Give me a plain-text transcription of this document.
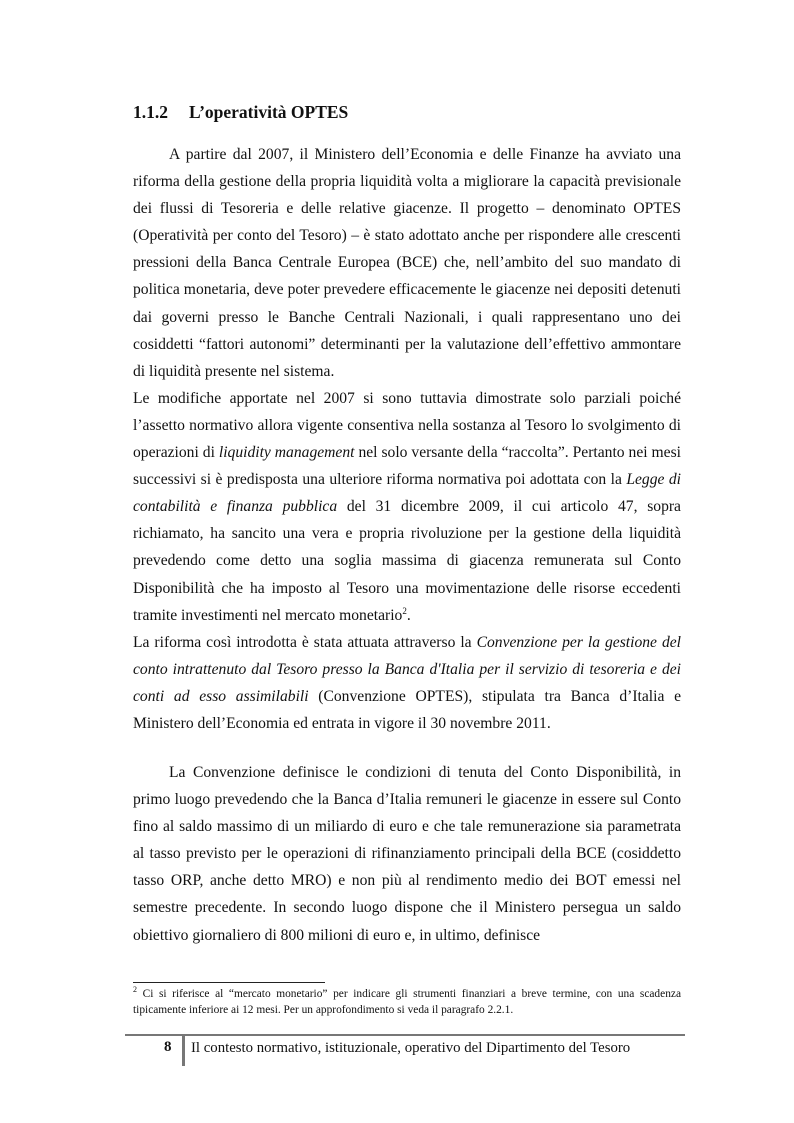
1.1.2 L’operatività OPTES

A partire dal 2007, il Ministero dell’Economia e delle Finanze ha avviato una riforma della gestione della propria liquidità volta a migliorare la capacità previsionale dei flussi di Tesoreria e delle relative giacenze. Il progetto – denominato OPTES (Operatività per conto del Tesoro) – è stato adottato anche per rispondere alle crescenti pressioni della Banca Centrale Europea (BCE) che, nell’ambito del suo mandato di politica monetaria, deve poter prevedere efficacemente le giacenze nei depositi detenuti dai governi presso le Banche Centrali Nazionali, i quali rappresentano uno dei cosiddetti “fattori autonomi” determinanti per la valutazione dell’effettivo ammontare di liquidità presente nel sistema.

Le modifiche apportate nel 2007 si sono tuttavia dimostrate solo parziali poiché l’assetto normativo allora vigente consentiva nella sostanza al Tesoro lo svolgimento di operazioni di liquidity management nel solo versante della “raccolta”. Pertanto nei mesi successivi si è predisposta una ulteriore riforma normativa poi adottata con la Legge di contabilità e finanza pubblica del 31 dicembre 2009, il cui articolo 47, sopra richiamato, ha sancito una vera e propria rivoluzione per la gestione della liquidità prevedendo come detto una soglia massima di giacenza remunerata sul Conto Disponibilità che ha imposto al Tesoro una movimentazione delle risorse eccedenti tramite investimenti nel mercato monetario$^2$.

La riforma così introdotta è stata attuata attraverso la Convenzione per la gestione del conto intrattenuto dal Tesoro presso la Banca d'Italia per il servizio di tesoreria e dei conti ad esso assimilabili (Convenzione OPTES), stipulata tra Banca d’Italia e Ministero dell’Economia ed entrata in vigore il 30 novembre 2011.

La Convenzione definisce le condizioni di tenuta del Conto Disponibilità, in primo luogo prevedendo che la Banca d’Italia remuneri le giacenze in essere sul Conto fino al saldo massimo di un miliardo di euro e che tale remunerazione sia parametrata al tasso previsto per le operazioni di rifinanziamento principali della BCE (cosiddetto tasso ORP, anche detto MRO) e non più al rendimento medio dei BOT emessi nel semestre precedente. In secondo luogo dispone che il Ministero persegua un saldo obiettivo giornaliero di 800 milioni di euro e, in ultimo, definisce

$^2$ Ci si riferisce al “mercato monetario” per indicare gli strumenti finanziari a breve termine, con una scadenza tipicamente inferiore ai 12 mesi. Per un approfondimento si veda il paragrafo 2.2.1.

8 Il contesto normativo, istituzionale, operativo del Dipartimento del Tesoro
